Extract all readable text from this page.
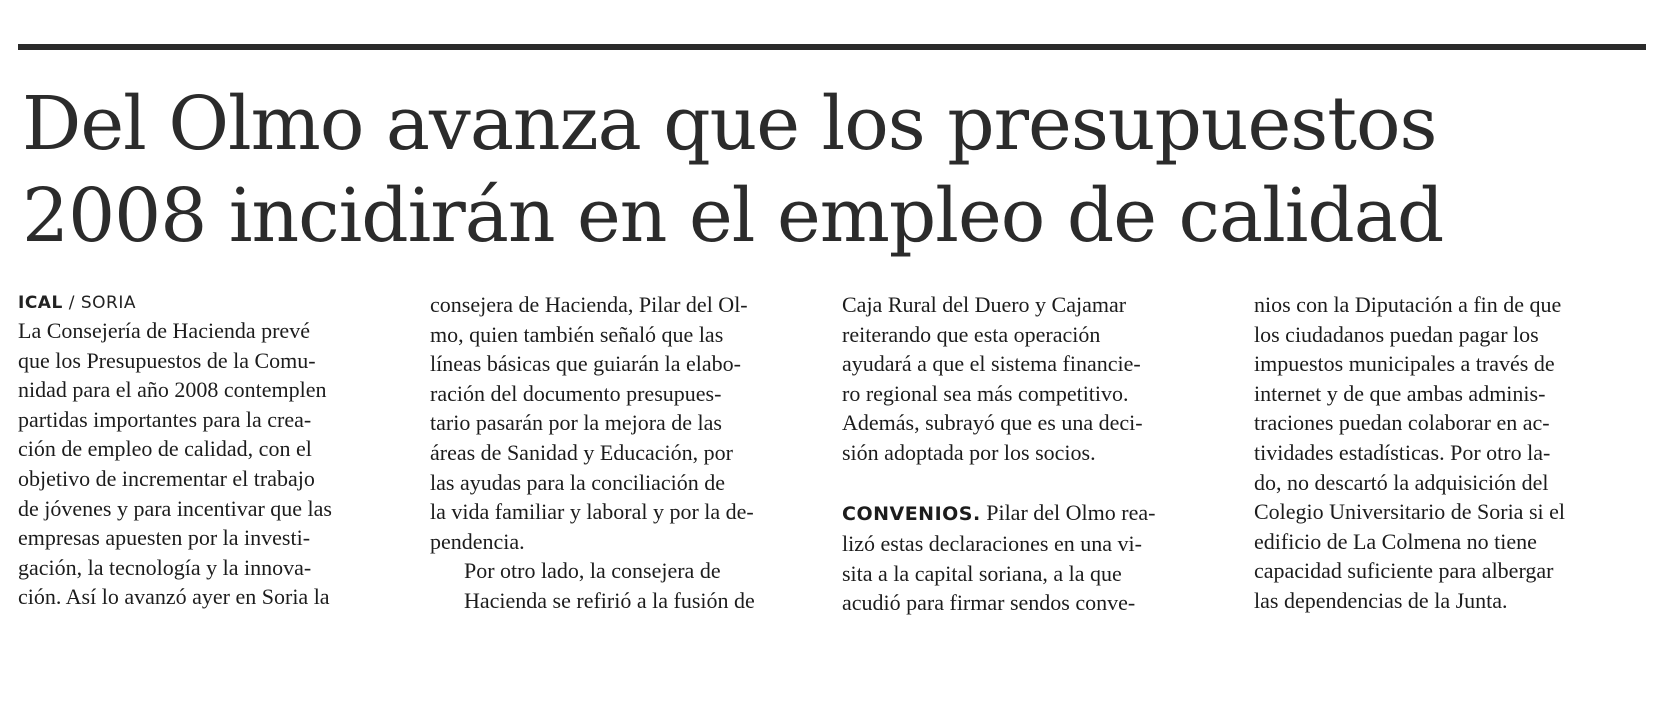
Del Olmo avanza que los presupuestos
2008 incidirán en el empleo de calidad
ICAL / SORIA

La Consejería de Hacienda prevé
que los Presupuestos de la Comu-
nidad para el año 2008 contemplen
partidas importantes para la crea-
ción de empleo de calidad, con el
objetivo de incrementar el trabajo
de jóvenes y para incentivar que las
empresas apuesten por la investi-
gación, la tecnología y la innova-
ción. Así lo avanzó ayer en Soria la

consejera de Hacienda, Pilar del Ol-
mo, quien también señaló que las
líneas básicas que guiarán la elabo-
ración del documento presupues-
tario pasarán por la mejora de las
áreas de Sanidad y Educación, por
las ayudas para la conciliación de
la vida familiar y laboral y por la de-
pendencia.

Por otro lado, la consejera de
Hacienda se refirió a la fusión de

Caja Rural del Duero y Cajamar
reiterando que esta operación
ayudará a que el sistema financie-
ro regional sea más competitivo.
Además, subrayó que es una deci-
sión adoptada por los socios.

CONVENIOS. Pilar del Olmo rea-
lizó estas declaraciones en una vi-
sita a la capital soriana, a la que
acudió para firmar sendos conve-

nios con la Diputación a fin de que
los ciudadanos puedan pagar los
impuestos municipales a través de
internet y de que ambas adminis-
traciones puedan colaborar en ac-
tividades estadísticas. Por otro la-
do, no descartó la adquisición del
Colegio Universitario de Soria si el
edificio de La Colmena no tiene
capacidad suficiente para albergar
las dependencias de la Junta.
